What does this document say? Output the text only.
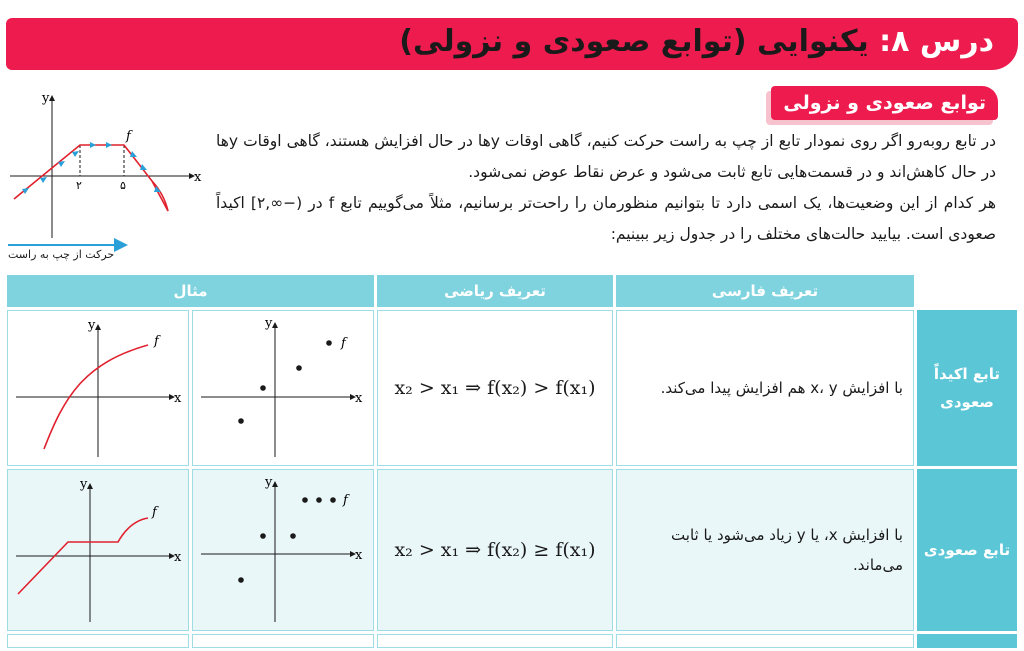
درس ۸: یکنوایی (توابع صعودی و نزولی)
توابع صعودی و نزولی
x
y
۲	۵
f
حرکت از چپ به راست

در تابع روبه‌رو اگر روی نمودار تابع از چپ به راست حرکت کنیم، گاهی اوقات yها در حال افزایش هستند، گاهی اوقات yها در حال کاهش‌اند و در قسمت‌هایی تابع ثابت می‌شود و عرض نقاط عوض نمی‌شود.

هر کدام از این وضعیت‌ها، یک اسمی دارد تا بتوانیم منظورمان را راحت‌تر برسانیم، مثلاً می‌گوییم تابع f در (−∞,۲] اکیداً صعودی است. بیایید حالت‌های مختلف را در جدول زیر ببینیم:

مثال		تعریف ریاضی	تعریف فارسی	

x
y
f	x
y
f	x₂ > x₁ ⇒ f(x₂) > f(x₁)	با افزایش x، y هم افزایش پیدا می‌کند.	تابع اکیداً صعودی

x
y
f	x
y
f	x₂ > x₁ ⇒ f(x₂) ≥ f(x₁)	با افزایش x، یا y زیاد می‌شود یا ثابت می‌ماند.	تابع صعودی
